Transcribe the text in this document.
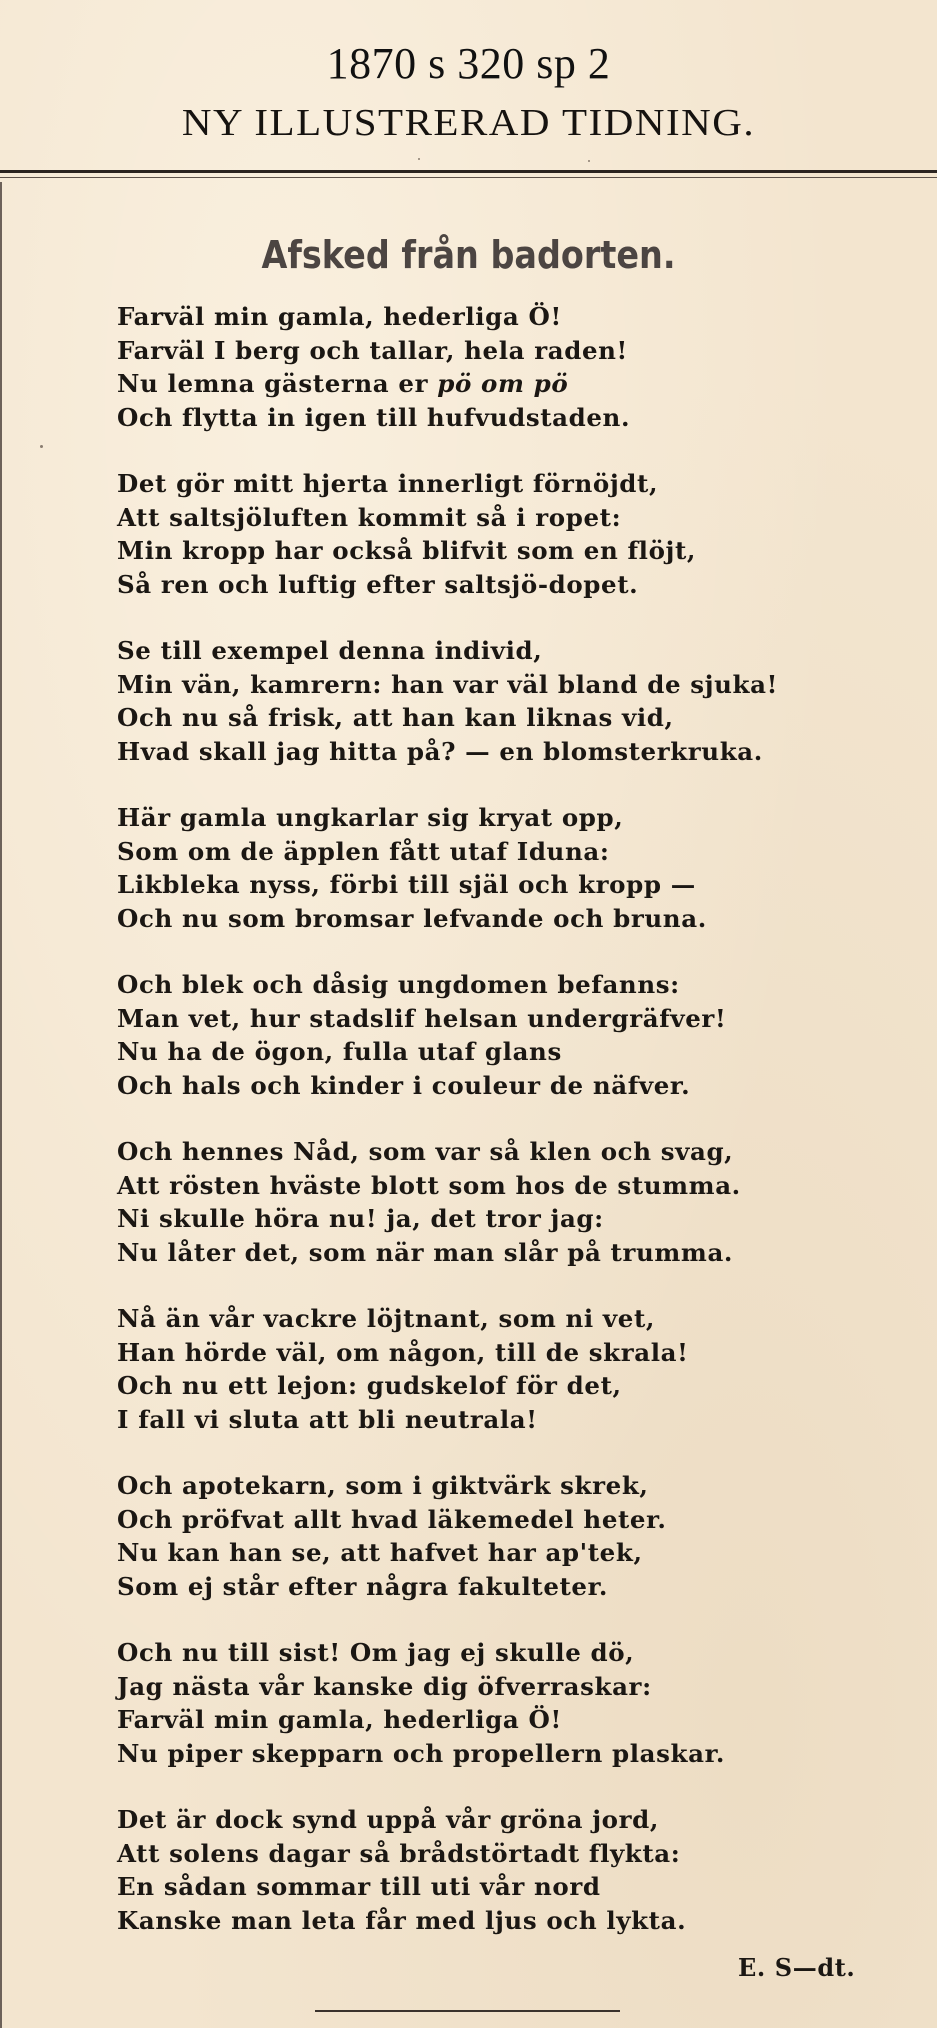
1870 s 320 sp 2
NY ILLUSTRERAD TIDNING.
Afsked från badorten.
Farväl min gamla, hederliga Ö!
Farväl I berg och tallar, hela raden!
Nu lemna gästerna er pö om pö
Och flytta in igen till hufvudstaden.
Det gör mitt hjerta innerligt förnöjdt,
Att saltsjöluften kommit så i ropet:
Min kropp har också blifvit som en flöjt,
Så ren och luftig efter saltsjö-dopet.
Se till exempel denna individ,
Min vän, kamrern: han var väl bland de sjuka!
Och nu så frisk, att han kan liknas vid,
Hvad skall jag hitta på? — en blomsterkruka.
Här gamla ungkarlar sig kryat opp,
Som om de äpplen fått utaf Iduna:
Likbleka nyss, förbi till själ och kropp —
Och nu som bromsar lefvande och bruna.
Och blek och dåsig ungdomen befanns:
Man vet, hur stadslif helsan undergräfver!
Nu ha de ögon, fulla utaf glans
Och hals och kinder i couleur de näfver.
Och hennes Nåd, som var så klen och svag,
Att rösten hväste blott som hos de stumma.
Ni skulle höra nu! ja, det tror jag:
Nu låter det, som när man slår på trumma.
Nå än vår vackre löjtnant, som ni vet,
Han hörde väl, om någon, till de skrala!
Och nu ett lejon: gudskelof för det,
I fall vi sluta att bli neutrala!
Och apotekarn, som i giktvärk skrek,
Och pröfvat allt hvad läkemedel heter.
Nu kan han se, att hafvet har ap'tek,
Som ej står efter några fakulteter.
Och nu till sist! Om jag ej skulle dö,
Jag nästa vår kanske dig öfverraskar:
Farväl min gamla, hederliga Ö!
Nu piper skepparn och propellern plaskar.
Det är dock synd uppå vår gröna jord,
Att solens dagar så brådstörtadt flykta:
En sådan sommar till uti vår nord
Kanske man leta får med ljus och lykta.
E. S—dt.
